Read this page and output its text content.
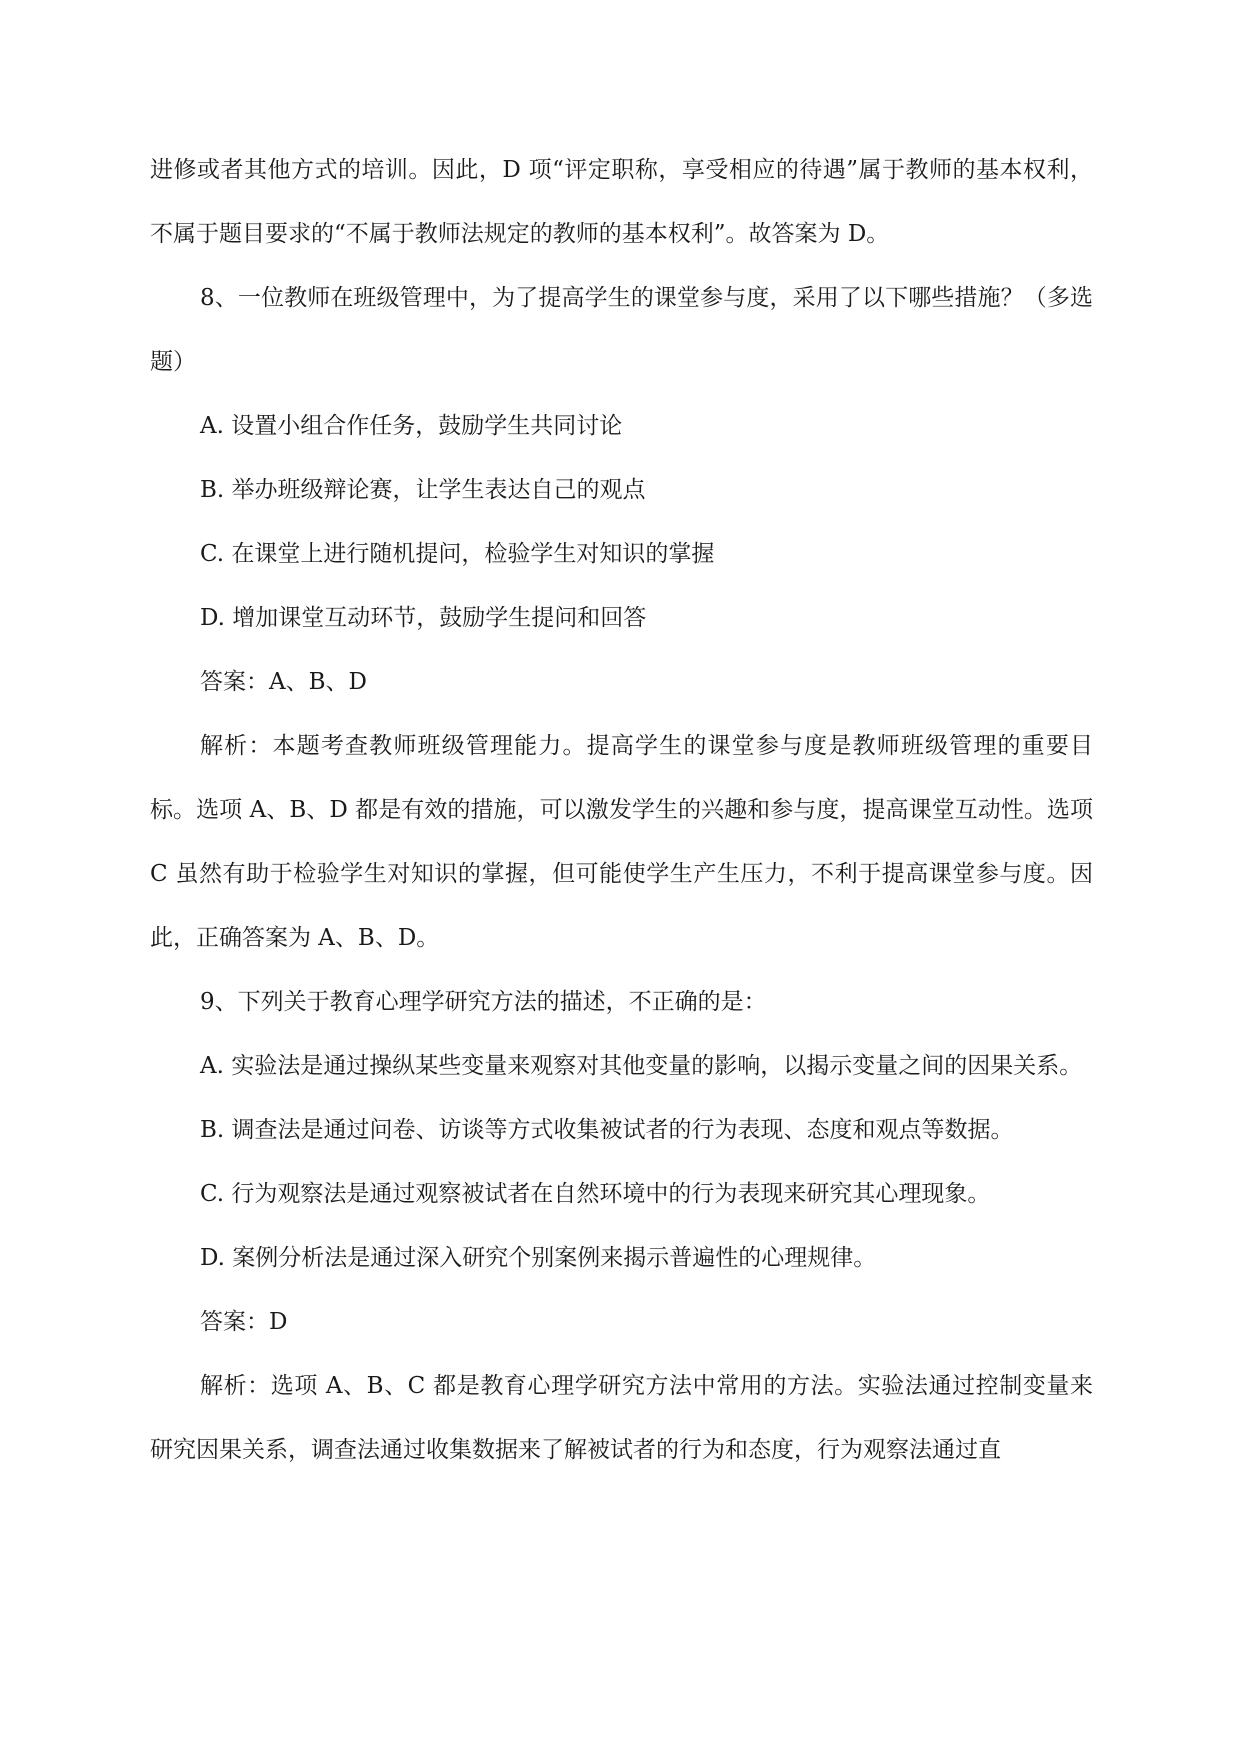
进修或者其他方式的培训。因此，D 项“评定职称，享受相应的待遇”属于教师的基本权利，不属于题目要求的“不属于教师法规定的教师的基本权利”。故答案为 D。

8、一位教师在班级管理中，为了提高学生的课堂参与度，采用了以下哪些措施？（多选题）

A. 设置小组合作任务，鼓励学生共同讨论

B. 举办班级辩论赛，让学生表达自己的观点

C. 在课堂上进行随机提问，检验学生对知识的掌握

D. 增加课堂互动环节，鼓励学生提问和回答

答案：A、B、D

解析：本题考查教师班级管理能力。提高学生的课堂参与度是教师班级管理的重要目标。选项 A、B、D 都是有效的措施，可以激发学生的兴趣和参与度，提高课堂互动性。选项 C 虽然有助于检验学生对知识的掌握，但可能使学生产生压力，不利于提高课堂参与度。因此，正确答案为 A、B、D。

9、下列关于教育心理学研究方法的描述，不正确的是：

A. 实验法是通过操纵某些变量来观察对其他变量的影响，以揭示变量之间的因果关系。

B. 调查法是通过问卷、访谈等方式收集被试者的行为表现、态度和观点等数据。

C. 行为观察法是通过观察被试者在自然环境中的行为表现来研究其心理现象。

D. 案例分析法是通过深入研究个别案例来揭示普遍性的心理规律。

答案：D

解析：选项 A、B、C 都是教育心理学研究方法中常用的方法。实验法通过控制变量来研究因果关系，调查法通过收集数据来了解被试者的行为和态度，行为观察法通过直
